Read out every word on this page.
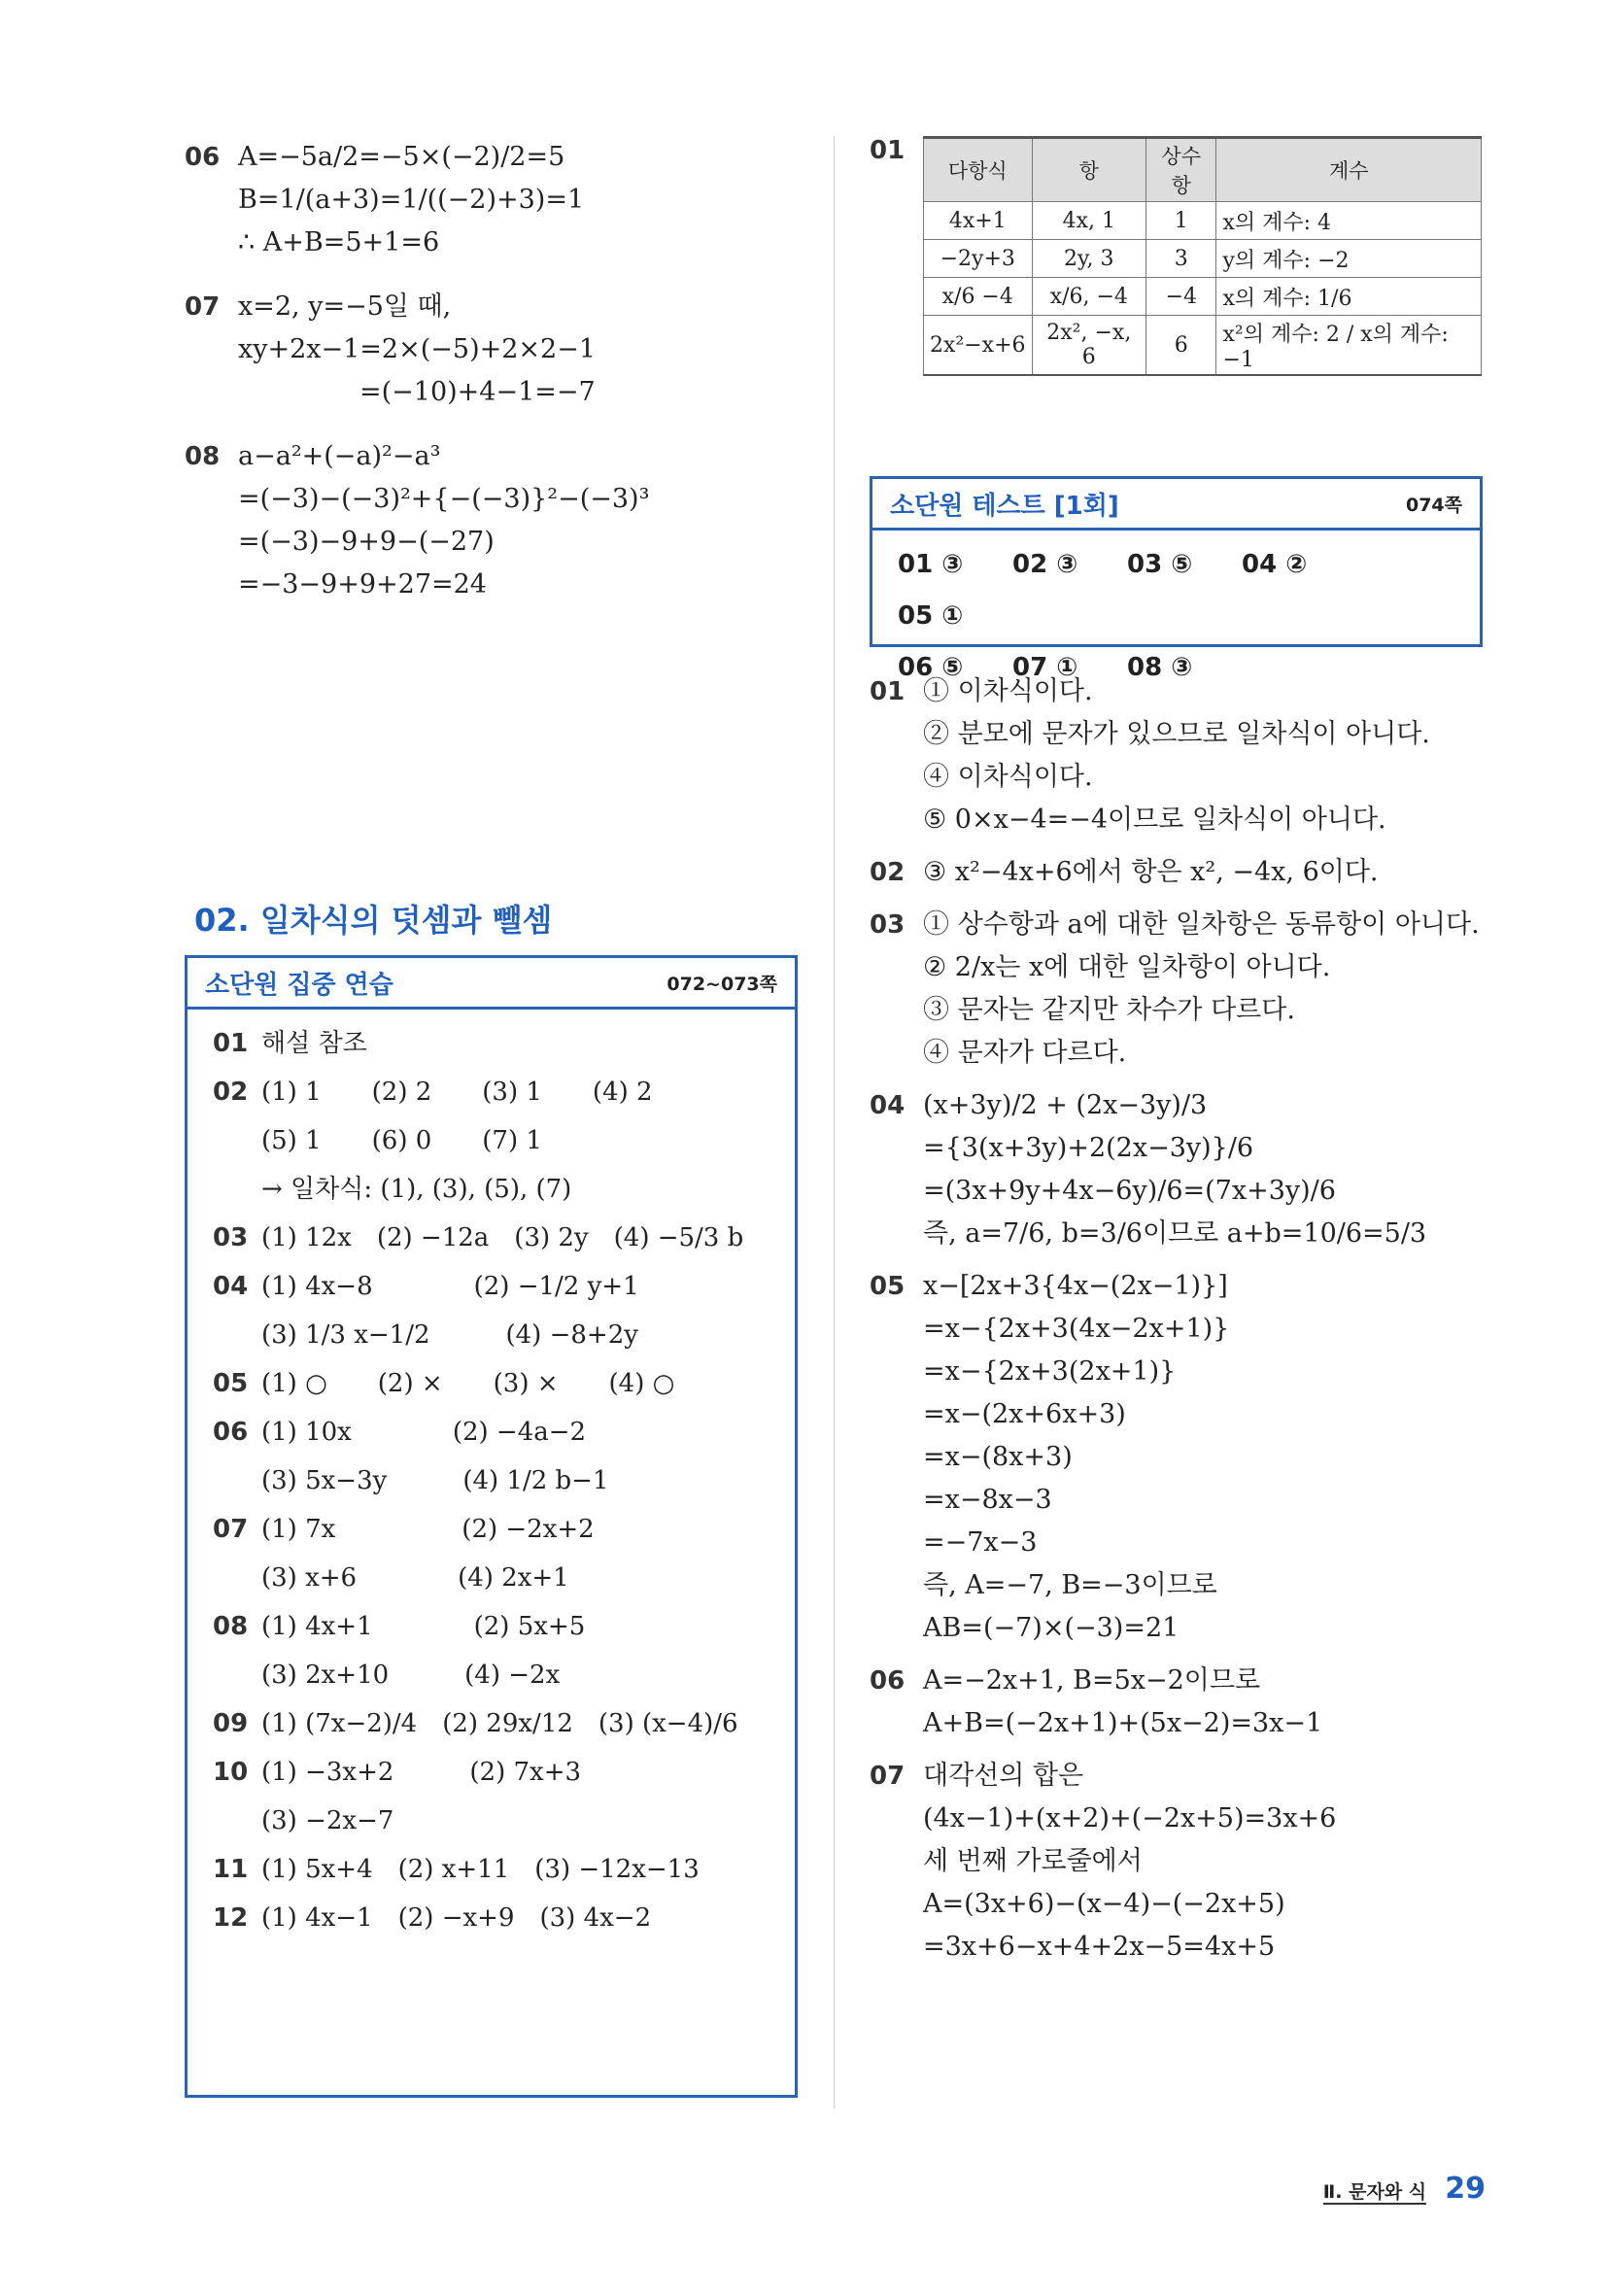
06 A=−5a/2=−5×(−2)/2=5
B=1/(a+3)=1/((−2)+3)=1
∴ A+B=5+1=6
07 x=2, y=−5일 때,
xy+2x−1=2×(−5)+2×2−1
=(−10)+4−1=−7
08 a−a²+(−a)²−a³
=(−3)−(−3)²+{−(−3)}²−(−3)³
=(−3)−9+9−(−27)
=−3−9+9+27=24
02. 일차식의 덧셈과 뺄셈
소단원 집중 연습	072~073쪽
01 해설 참조
02 (1) 1　　(2) 2　　(3) 1　　(4) 2
(5) 1　　(6) 0　　(7) 1
→ 일차식: (1), (3), (5), (7)
03 (1) 12x　(2) −12a　(3) 2y　(4) −5/3 b
04 (1) 4x−8　　　　(2) −1/2 y+1
(3) 1/3 x−1/2　　　(4) −8+2y
05 (1) ○　　(2) ×　　(3) ×　　(4) ○
06 (1) 10x　　　　(2) −4a−2
(3) 5x−3y　　　(4) 1/2 b−1
07 (1) 7x　　　　　(2) −2x+2
(3) x+6　　　　(4) 2x+1
08 (1) 4x+1　　　　(2) 5x+5
(3) 2x+10　　　(4) −2x
09 (1) (7x−2)/4　(2) 29x/12　(3) (x−4)/6
10 (1) −3x+2　　　(2) 7x+3
(3) −2x−7
11 (1) 5x+4　(2) x+11　(3) −12x−13
12 (1) 4x−1　(2) −x+9　(3) 4x−2
01
다항식	항	상수항	계수
4x+1	4x, 1	1	x의 계수: 4
−2y+3	2y, 3	3	y의 계수: −2
x/6 −4	x/6, −4	−4	x의 계수: 1/6
2x²−x+6	2x², −x, 6	6	x²의 계수: 2 / x의 계수: −1
소단원 테스트 [1회]	074쪽
01 ③ 02 ③ 03 ⑤ 04 ②05 ①
06 ⑤ 07 ① 08 ③
01 ① 이차식이다.
② 분모에 문자가 있으므로 일차식이 아니다.
④ 이차식이다.
⑤ 0×x−4=−4이므로 일차식이 아니다.
02 ③ x²−4x+6에서 항은 x², −4x, 6이다.
03 ① 상수항과 a에 대한 일차항은 동류항이 아니다.
② 2/x는 x에 대한 일차항이 아니다.
③ 문자는 같지만 차수가 다르다.
④ 문자가 다르다.
04 (x+3y)/2 + (2x−3y)/3
={3(x+3y)+2(2x−3y)}/6
=(3x+9y+4x−6y)/6=(7x+3y)/6
즉, a=7/6, b=3/6이므로 a+b=10/6=5/3
05 x−[2x+3{4x−(2x−1)}]
=x−{2x+3(4x−2x+1)}
=x−{2x+3(2x+1)}
=x−(2x+6x+3)
=x−(8x+3)
=x−8x−3
=−7x−3
즉, A=−7, B=−3이므로
AB=(−7)×(−3)=21
06 A=−2x+1, B=5x−2이므로
A+B=(−2x+1)+(5x−2)=3x−1
07 대각선의 합은
(4x−1)+(x+2)+(−2x+5)=3x+6
세 번째 가로줄에서
A=(3x+6)−(x−4)−(−2x+5)
=3x+6−x+4+2x−5=4x+5
Ⅱ. 문자와 식 29
